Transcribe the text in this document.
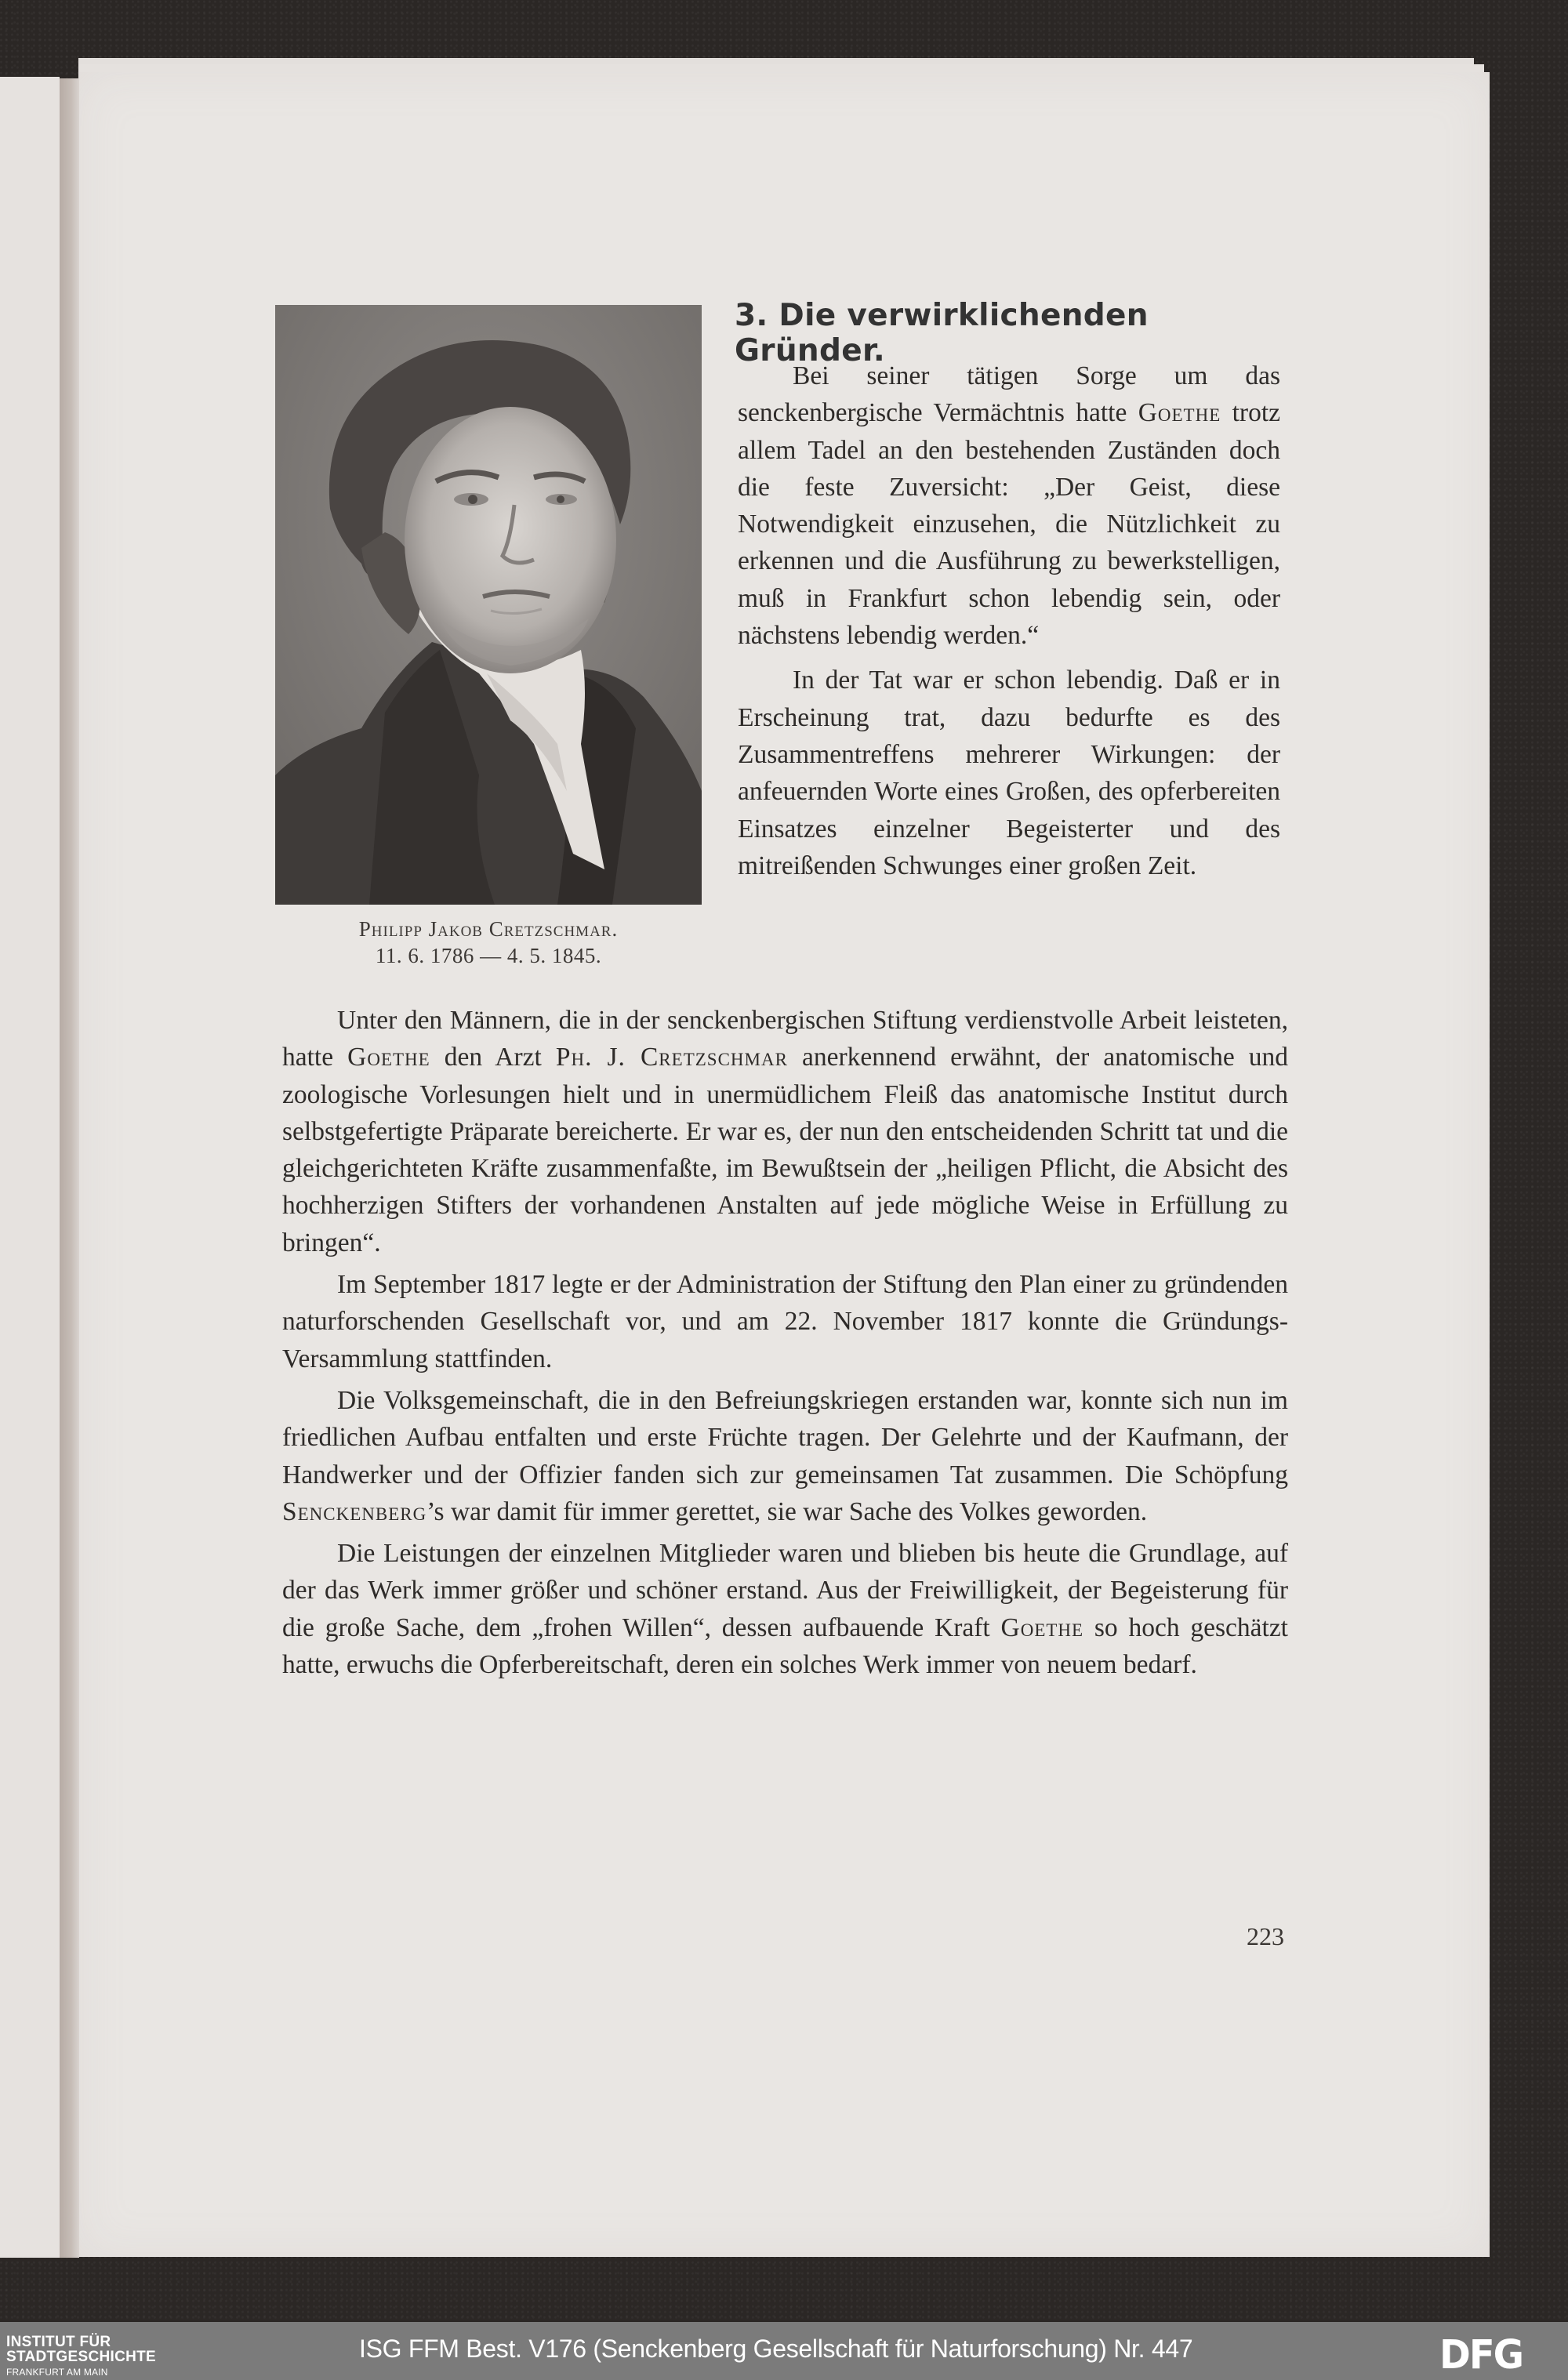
Philipp Jakob Cretzschmar.
11. 6. 1786 — 4. 5. 1845.
3. Die verwirklichenden Gründer.

Bei seiner tätigen Sorge um das senckenbergische Vermächtnis hatte Goethe trotz allem Tadel an den bestehenden Zuständen doch die feste Zuversicht: „Der Geist, diese Notwendigkeit einzusehen, die Nützlichkeit zu erkennen und die Ausführung zu bewerkstelligen, muß in Frankfurt schon lebendig sein, oder nächstens lebendig werden.“

In der Tat war er schon lebendig. Daß er in Erscheinung trat, dazu bedurfte es des Zusammentreffens mehrerer Wirkungen: der anfeuernden Worte eines Großen, des opferbereiten Einsatzes einzelner Begeisterter und des mitreißenden Schwunges einer großen Zeit.

Unter den Männern, die in der senckenbergischen Stiftung verdienstvolle Arbeit leisteten, hatte Goethe den Arzt Ph. J. Cretzschmar anerkennend erwähnt, der anatomische und zoologische Vorlesungen hielt und in unermüdlichem Fleiß das anatomische Institut durch selbstgefertigte Präparate bereicherte. Er war es, der nun den entscheidenden Schritt tat und die gleichgerichteten Kräfte zusammenfaßte, im Bewußtsein der „heiligen Pflicht, die Absicht des hochherzigen Stifters der vorhandenen Anstalten auf jede mögliche Weise in Erfüllung zu bringen“.

Im September 1817 legte er der Administration der Stiftung den Plan einer zu gründenden naturforschenden Gesellschaft vor, und am 22. November 1817 konnte die Gründungs-Versammlung stattfinden.

Die Volksgemeinschaft, die in den Befreiungskriegen erstanden war, konnte sich nun im friedlichen Aufbau entfalten und erste Früchte tragen. Der Gelehrte und der Kaufmann, der Handwerker und der Offizier fanden sich zur gemeinsamen Tat zusammen. Die Schöpfung Senckenberg’s war damit für immer gerettet, sie war Sache des Volkes geworden.

Die Leistungen der einzelnen Mitglieder waren und blieben bis heute die Grundlage, auf der das Werk immer größer und schöner erstand. Aus der Freiwilligkeit, der Begeisterung für die große Sache, dem „frohen Willen“, dessen aufbauende Kraft Goethe so hoch geschätzt hatte, erwuchs die Opferbereitschaft, deren ein solches Werk immer von neuem bedarf.

223
INSTITUT FÜR
STADTGESCHICHTE
FRANKFURT AM MAIN
ISG FFM Best. V176 (Senckenberg Gesellschaft für Naturforschung) Nr. 447	DFG
